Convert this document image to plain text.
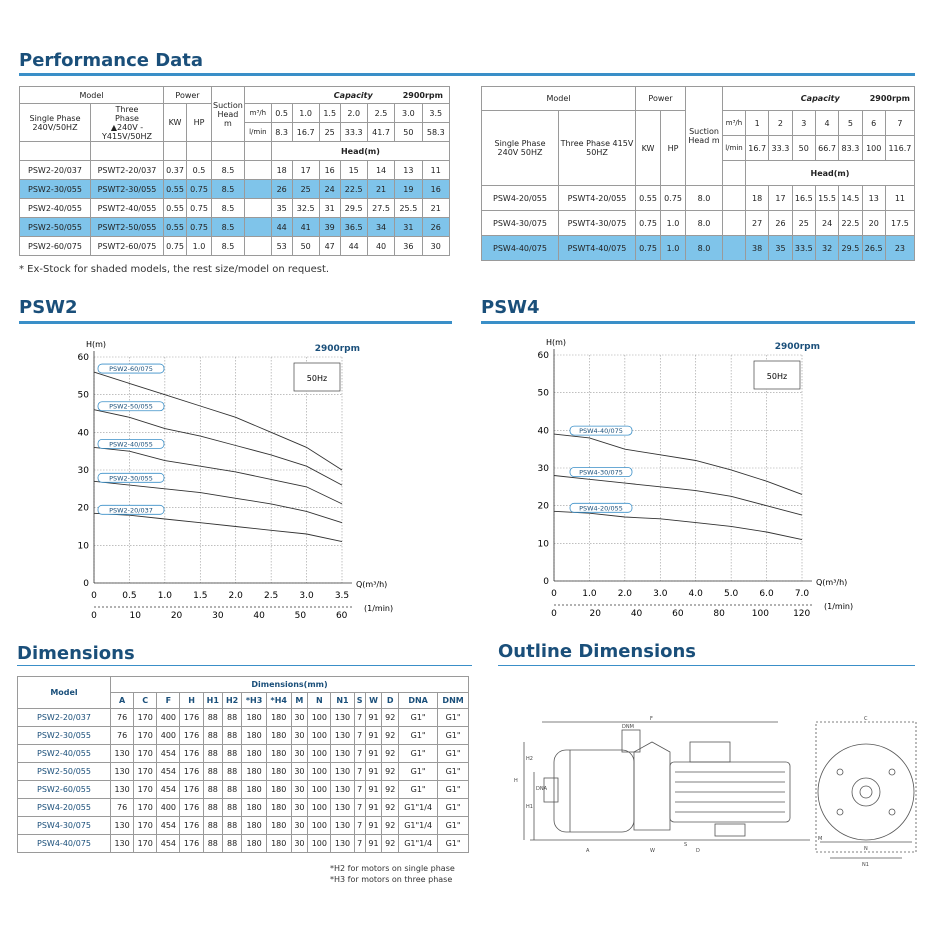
Performance Data
Model		Power		Suction Head m	Capacity 2900rpm							
Single Phase 240V/50HZ	Three
Phase
▲240V -
Y415V/50HZ	KW	HP		m³/h	0.5	1.0	1.5	2.0	2.5	3.0	3.5
					l/min	8.3	16.7	25	33.3	41.7	50	58.3
						Head(m)						
PSW2-20/037	PSWT2-20/037	0.37	0.5	8.5		18	17	16	15	14	13	11
PSW2-30/055	PSWT2-30/055	0.55	0.75	8.5		26	25	24	22.5	21	19	16
PSW2-40/055	PSWT2-40/055	0.55	0.75	8.5		35	32.5	31	29.5	27.5	25.5	21
PSW2-50/055	PSWT2-50/055	0.55	0.75	8.5		44	41	39	36.5	34	31	26
PSW2-60/075	PSWT2-60/075	0.75	1.0	8.5		53	50	47	44	40	36	30
Model		Power		Suction Head m	Capacity 2900rpm							
Single Phase 240V 50HZ	Three Phase 415V 50HZ	KW	HP		m³/h	1	2	3	4	5	6	7
					l/min	16.7	33.3	50	66.7	83.3	100	116.7
						Head(m)						
PSW4-20/055	PSWT4-20/055	0.55	0.75	8.0		18	17	16.5	15.5	14.5	13	11
PSW4-30/075	PSWT4-30/075	0.75	1.0	8.0		27	26	25	24	22.5	20	17.5
PSW4-40/075	PSWT4-40/075	0.75	1.0	8.0		38	35	33.5	32	29.5	26.5	23
* Ex-Stock for shaded models, the rest size/model on request.
PSW2	PSW4
0	0.5 1.0 1.5 2.0 2.5 3.0 3.5
0
10
20
30
40
50
60
0	10	20	30	40	50	60
H(m)
Q(m³/h)
(1/min)
2900rpm
50Hz
PSW2-60/075
PSW2-50/055
PSW2-40/055
PSW2-30/055
PSW2-20/037
0	1.0 2.0 3.0 4.0 5.0 6.0 7.0
0
10
20
30
40
50
60
0	20	40	60	80	100	120
H(m)
Q(m³/h)
(1/min)
2900rpm
50Hz
PSW4-40/075
PSW4-30/075
PSW4-20/055
Dimensions
Model	Dimensions(mm)															
	A	C	F	H	H1	H2	*H3	*H4	M	N	N1	S	W	D	DNA	DNM
PSW2-20/037	76	170	400	176	88	88	180	180	30	100	130	7	91	92	G1"	G1"
PSW2-30/055	76	170	400	176	88	88	180	180	30	100	130	7	91	92	G1"	G1"
PSW2-40/055	130	170	454	176	88	88	180	180	30	100	130	7	91	92	G1"	G1"
PSW2-50/055	130	170	454	176	88	88	180	180	30	100	130	7	91	92	G1"	G1"
PSW2-60/055	130	170	454	176	88	88	180	180	30	100	130	7	91	92	G1"	G1"
PSW4-20/055	76	170	400	176	88	88	180	180	30	100	130	7	91	92	G1"1/4	G1"
PSW4-30/075	130	170	454	176	88	88	180	180	30	100	130	7	91	92	G1"1/4	G1"
PSW4-40/075	130	170	454	176	88	88	180	180	30	100	130	7	91	92	G1"1/4	G1"
*H2 for motors on single phase
*H3 for motors on three phase
Outline Dimensions
F
DNM
DNA
H
H1
H2
A	W	D
S
C
M
N
N1
